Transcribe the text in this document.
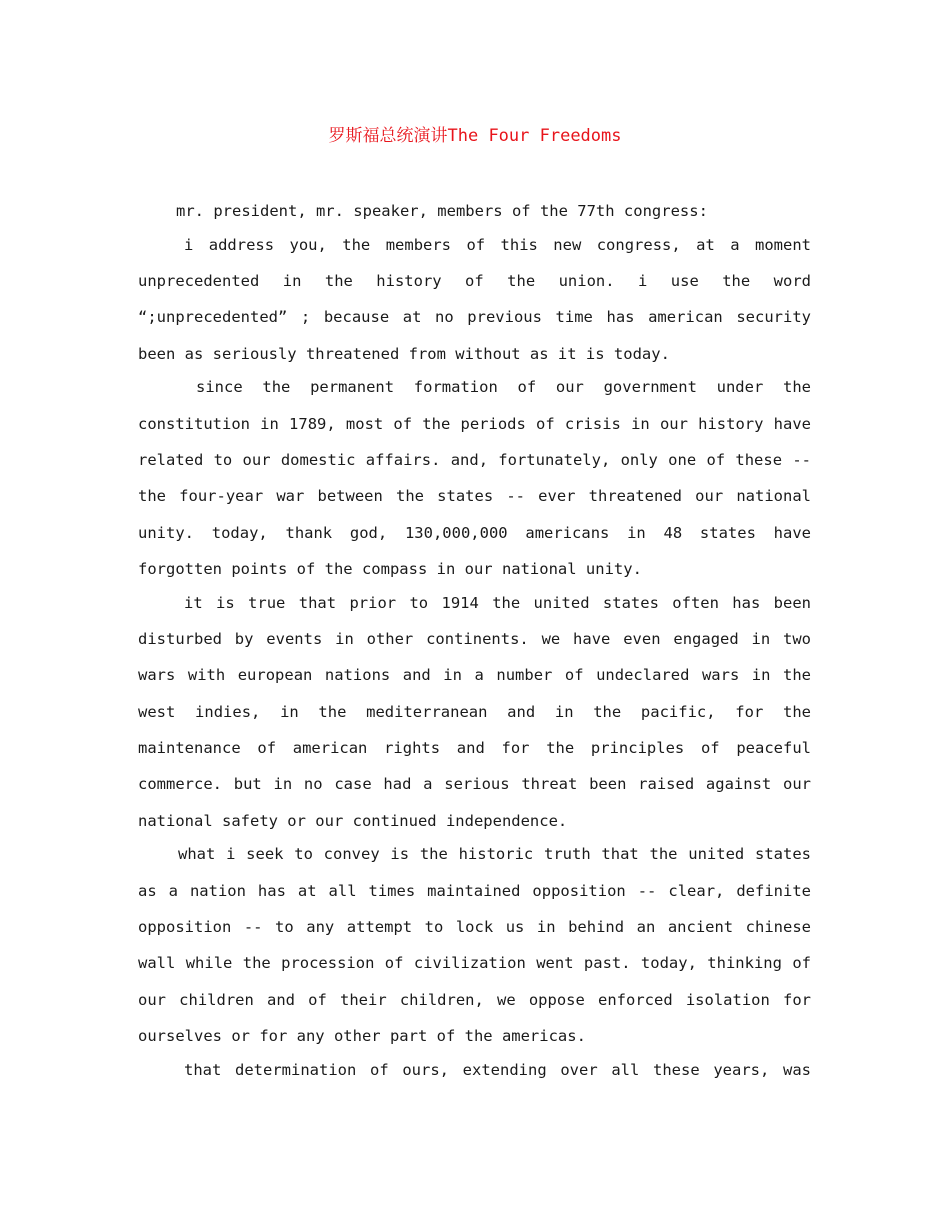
罗斯福总统演讲The Four Freedoms

mr. president, mr. speaker, members of the 77th congress:

i address you, the members of this new congress, at a moment unprecedented in the history of the union. i use the word “;unprecedented” ; because at no previous time has american security been as seriously threatened from without as it is today.

since the permanent formation of our government under the constitution in 1789, most of the periods of crisis in our history have related to our domestic affairs. and, fortunately, only one of these -- the four-year war between the states -- ever threatened our national unity. today, thank god, 130,000,000 americans in 48 states have forgotten points of the compass in our national unity.

it is true that prior to 1914 the united states often has been disturbed by events in other continents. we have even engaged in two wars with european nations and in a number of undeclared wars in the west indies, in the mediterranean and in the pacific, for the maintenance of american rights and for the principles of peaceful commerce. but in no case had a serious threat been raised against our national safety or our continued independence.

what i seek to convey is the historic truth that the united states as a nation has at all times maintained opposition -- clear, definite opposition -- to any attempt to lock us in behind an ancient chinese wall while the procession of civilization went past. today, thinking of our children and of their children, we oppose enforced isolation for ourselves or for any other part of the americas.

that determination of ours, extending over all these years, was
